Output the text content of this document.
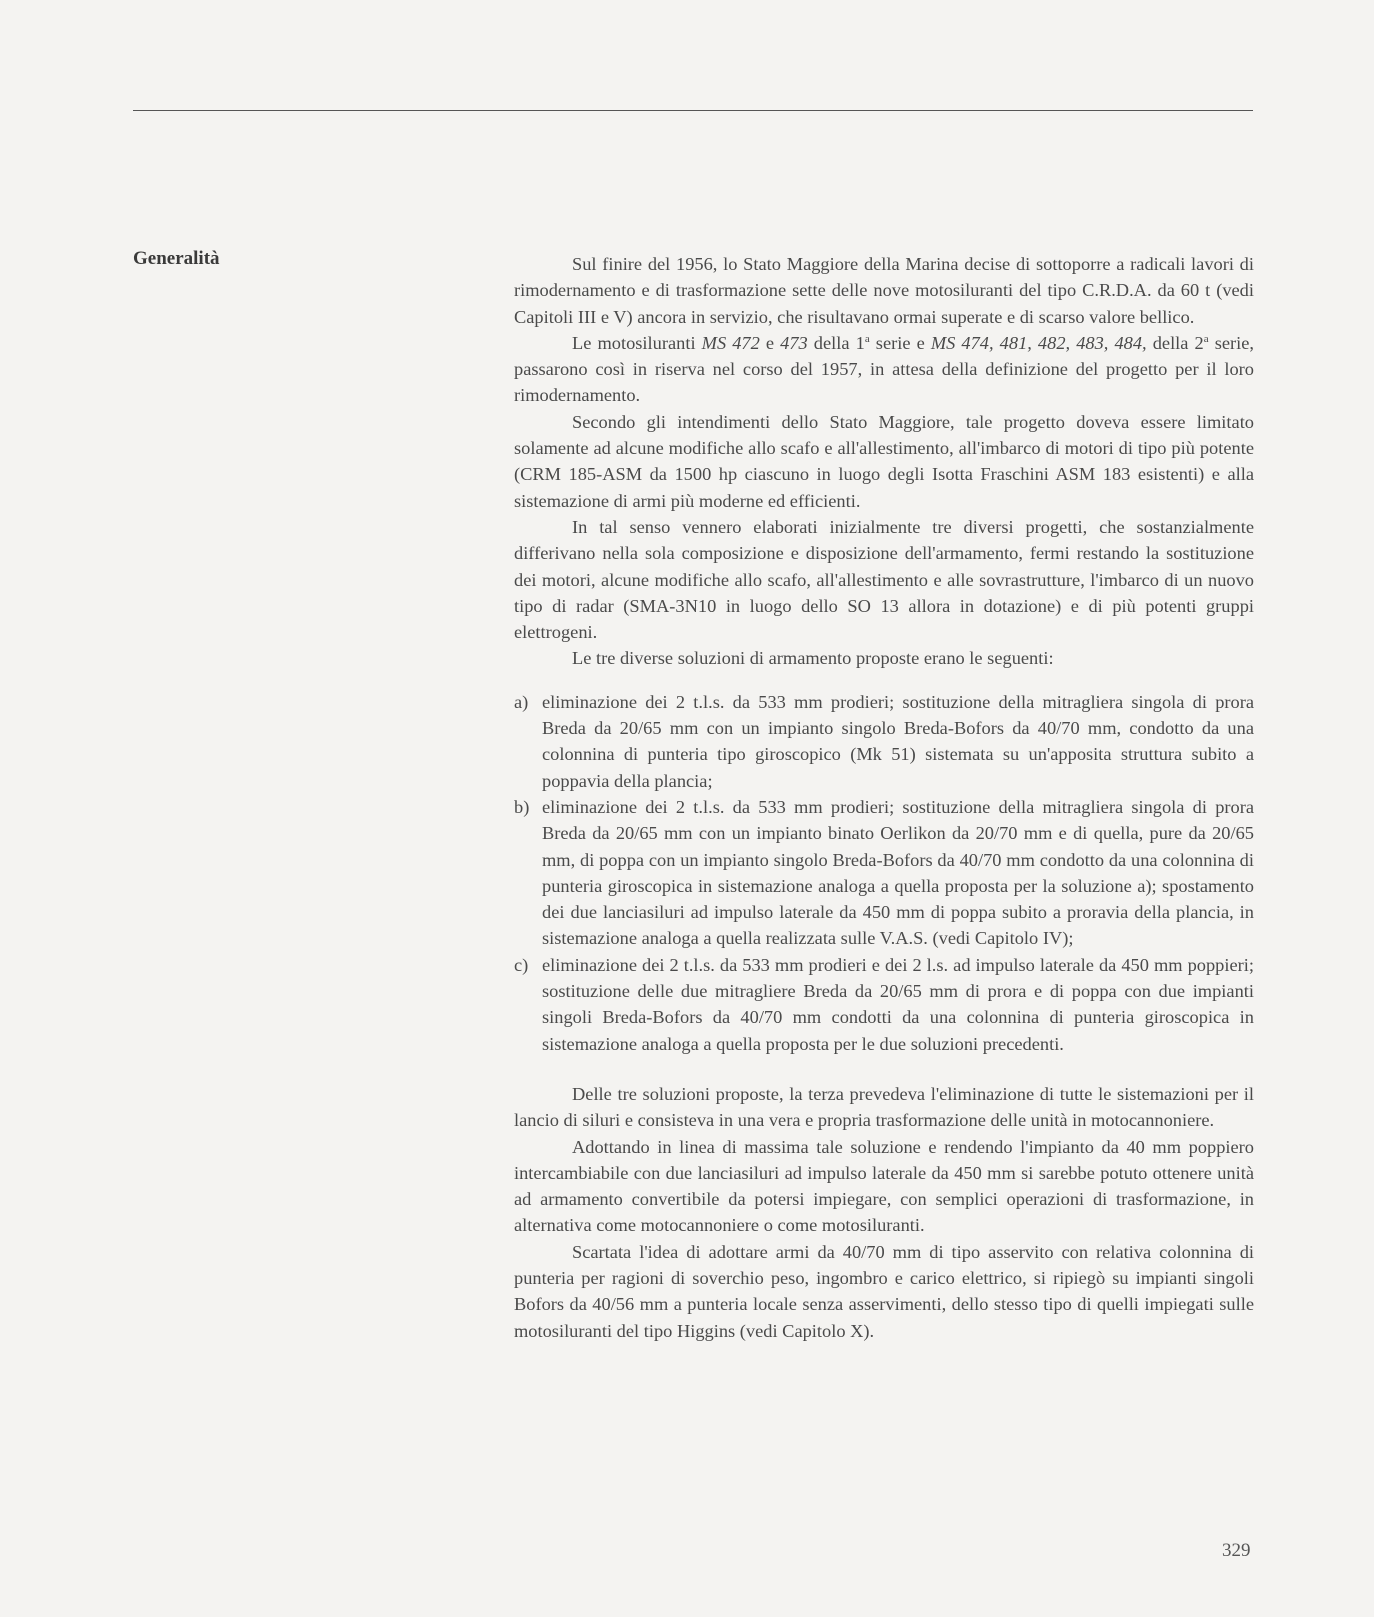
Generalità	Sul finire del 1956, lo Stato Maggiore della Marina decise di sottoporre a radicali lavori di rimodernamento e di trasformazione sette delle nove motosiluranti del tipo C.R.D.A. da 60 t (vedi Capitoli III e V) ancora in servizio, che risultavano ormai superate e di scarso valore bellico.

Le motosiluranti MS 472 e 473 della 1$^a$ serie e MS 474, 481, 482, 483, 484, della 2$^a$ serie, passarono così in riserva nel corso del 1957, in attesa della definizione del progetto per il loro rimodernamento.

Secondo gli intendimenti dello Stato Maggiore, tale progetto doveva essere limitato solamente ad alcune modifiche allo scafo e all'allestimento, all'imbarco di motori di tipo più potente (CRM 185-ASM da 1500 hp ciascuno in luogo degli Isotta Fraschini ASM 183 esistenti) e alla sistemazione di armi più moderne ed efficienti.

In tal senso vennero elaborati inizialmente tre diversi progetti, che sostanzialmente differivano nella sola composizione e disposizione dell'armamento, fermi restando la sostituzione dei motori, alcune modifiche allo scafo, all'allestimento e alle sovrastrutture, l'imbarco di un nuovo tipo di radar (SMA-3N10 in luogo dello SO 13 allora in dotazione) e di più potenti gruppi elettrogeni.

Le tre diverse soluzioni di armamento proposte erano le seguenti:

a) eliminazione dei 2 t.l.s. da 533 mm prodieri; sostituzione della mitragliera singola di prora Breda da 20/65 mm con un impianto singolo Breda-Bofors da 40/70 mm, condotto da una colonnina di punteria tipo giroscopico (Mk 51) sistemata su un'apposita struttura subito a poppavia della plancia;
b) eliminazione dei 2 t.l.s. da 533 mm prodieri; sostituzione della mitragliera singola di prora Breda da 20/65 mm con un impianto binato Oerlikon da 20/70 mm e di quella, pure da 20/65 mm, di poppa con un impianto singolo Breda-Bofors da 40/70 mm condotto da una colonnina di punteria giroscopica in sistemazione analoga a quella proposta per la soluzione a); spostamento dei due lanciasiluri ad impulso laterale da 450 mm di poppa subito a proravia della plancia, in sistemazione analoga a quella realizzata sulle V.A.S. (vedi Capitolo IV);
c) eliminazione dei 2 t.l.s. da 533 mm prodieri e dei 2 l.s. ad impulso laterale da 450 mm poppieri; sostituzione delle due mitragliere Breda da 20/65 mm di prora e di poppa con due impianti singoli Breda-Bofors da 40/70 mm condotti da una colonnina di punteria giroscopica in sistemazione analoga a quella proposta per le due soluzioni precedenti.

Delle tre soluzioni proposte, la terza prevedeva l'eliminazione di tutte le sistemazioni per il lancio di siluri e consisteva in una vera e propria trasformazione delle unità in motocannoniere.

Adottando in linea di massima tale soluzione e rendendo l'impianto da 40 mm poppiero intercambiabile con due lanciasiluri ad impulso laterale da 450 mm si sarebbe potuto ottenere unità ad armamento convertibile da potersi impiegare, con semplici operazioni di trasformazione, in alternativa come motocannoniere o come motosiluranti.

Scartata l'idea di adottare armi da 40/70 mm di tipo asservito con relativa colonnina di punteria per ragioni di soverchio peso, ingombro e carico elettrico, si ripiegò su impianti singoli Bofors da 40/56 mm a punteria locale senza asservimenti, dello stesso tipo di quelli impiegati sulle motosiluranti del tipo Higgins (vedi Capitolo X).

329
